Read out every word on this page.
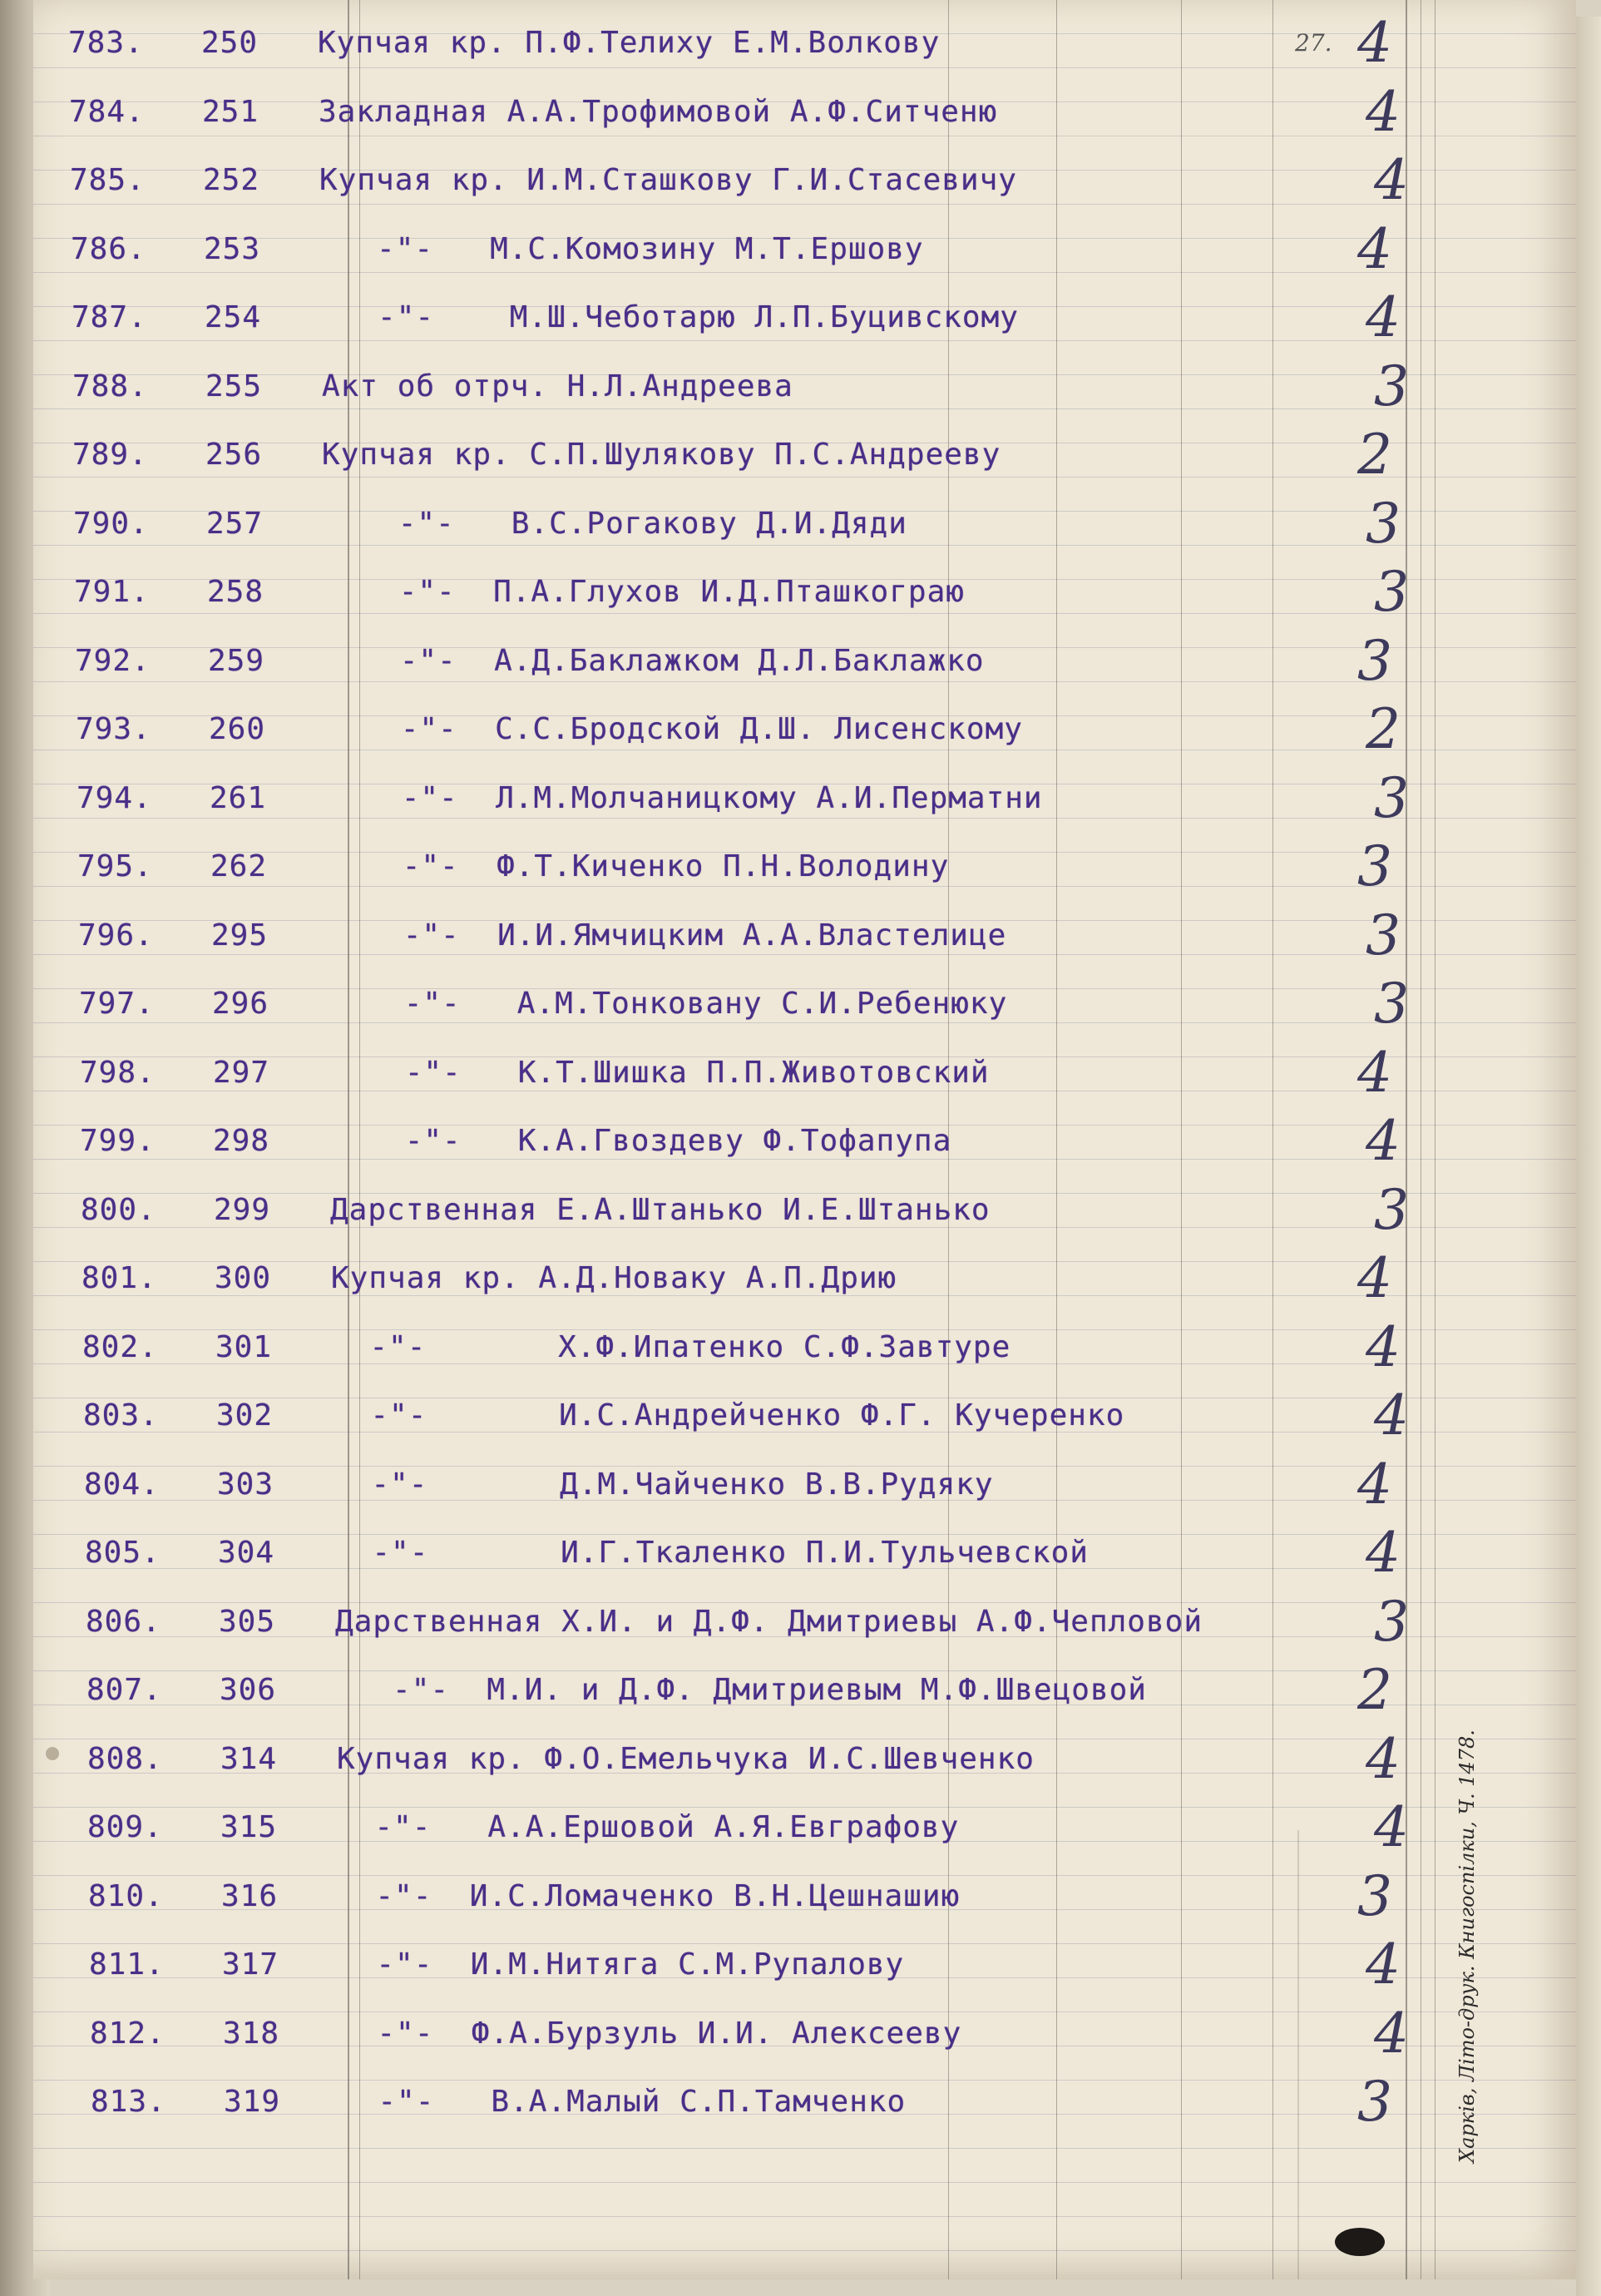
783. 250 Купчая кр. П.Ф.Телиху Е.М.Волкову	27. 4
784. 251 Закладная А.А.Трофимовой А.Ф.Ситченю	4
785. 252 Купчая кр. И.М.Сташкову Г.И.Стасевичу	4
786. 253 -"-   М.С.Комозину М.Т.Ершову	4
787. 254 -"-    М.Ш.Чеботарю Л.П.Буцивскому	4
788. 255 Акт об отрч. Н.Л.Андреева	3
789. 256 Купчая кр. С.П.Шулякову П.С.Андрееву	2
790. 257 -"-   В.С.Рогакову Д.И.Дяди	3
791. 258 -"-  П.А.Глухов И.Д.Пташкограю	3
792. 259 -"-  А.Д.Баклажком Д.Л.Баклажко	3
793. 260 -"-  С.С.Бродской Д.Ш. Лисенскому	2
794. 261 -"-  Л.М.Молчаницкому А.И.Перматни	3
795. 262 -"-  Ф.Т.Киченко П.Н.Володину	3
796. 295 -"-  И.И.Ямчицким А.А.Властелице	3
797. 296 -"-   А.М.Тонковану С.И.Ребенюку	3
798. 297 -"-   К.Т.Шишка П.П.Животовский	4
799. 298 -"-   К.А.Гвоздеву Ф.Тофапупа	4
800. 299 Дарственная Е.А.Штанько И.Е.Штанько	3
801. 300 Купчая кр. А.Д.Новаку А.П.Дрию	4
802. 301 -"-       Х.Ф.Ипатенко С.Ф.Завтуре	4
803. 302 -"-       И.С.Андрейченко Ф.Г. Кучеренко	4
804. 303 -"-       Д.М.Чайченко В.В.Рудяку	4
805. 304 -"-       И.Г.Ткаленко П.И.Тульчевской	4
806. 305 Дарственная Х.И. и Д.Ф. Дмитриевы А.Ф.Чепловой	3
807. 306 -"-  М.И. и Д.Ф. Дмитриевым М.Ф.Швецовой	2
808. 314 Купчая кр. Ф.О.Емельчука И.С.Шевченко	4
809. 315 -"-   А.А.Ершовой А.Я.Евграфову	4
810. 316 -"-  И.С.Ломаченко В.Н.Цешнашию	3
811. 317 -"-  И.М.Нитяга С.М.Рупалову	4
812. 318 -"-  Ф.А.Бурзуль И.И. Алексееву	4
813. 319 -"-   В.А.Малый С.П.Тамченко	3	Харків, Літо-друк. Книгоспілки, Ч. 1478.
